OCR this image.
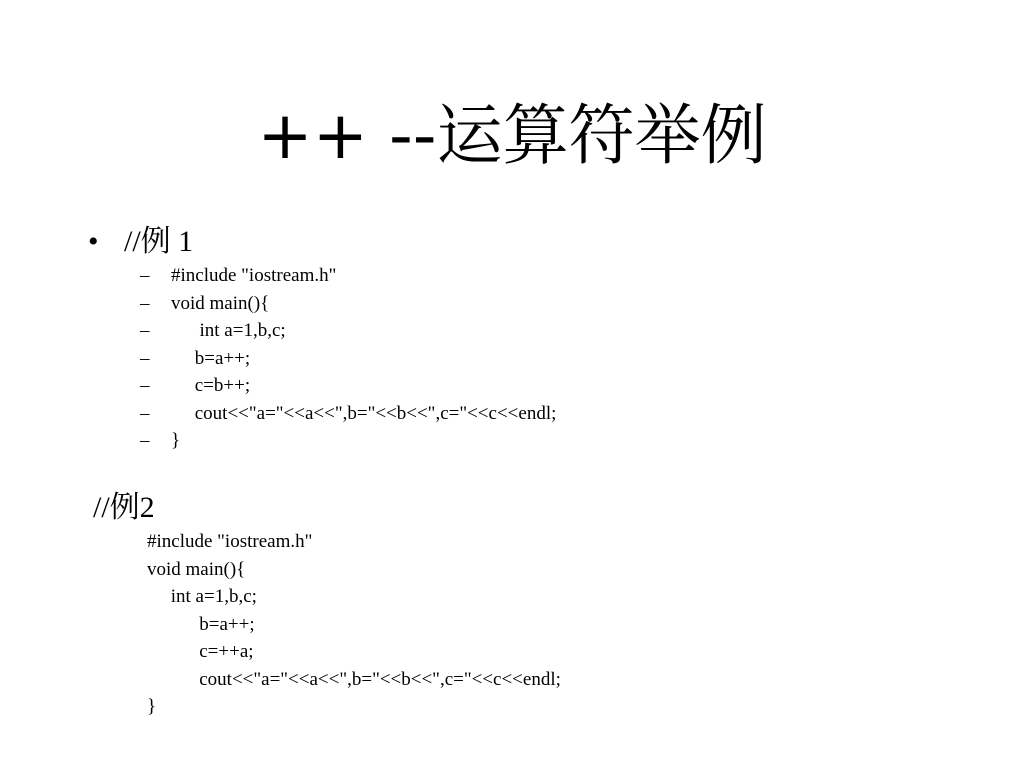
++ --运算符举例
• //例 1
– #include "iostream.h"
– void main(){
–      int a=1,b,c;
–     b=a++;
–     c=b++;
–     cout<<"a="<<a<<",b="<<b<<",c="<<c<<endl;
– }
//例2
#include "iostream.h"
void main(){
int a=1,b,c;
b=a++;
c=++a;
cout<<"a="<<a<<",b="<<b<<",c="<<c<<endl;
}
